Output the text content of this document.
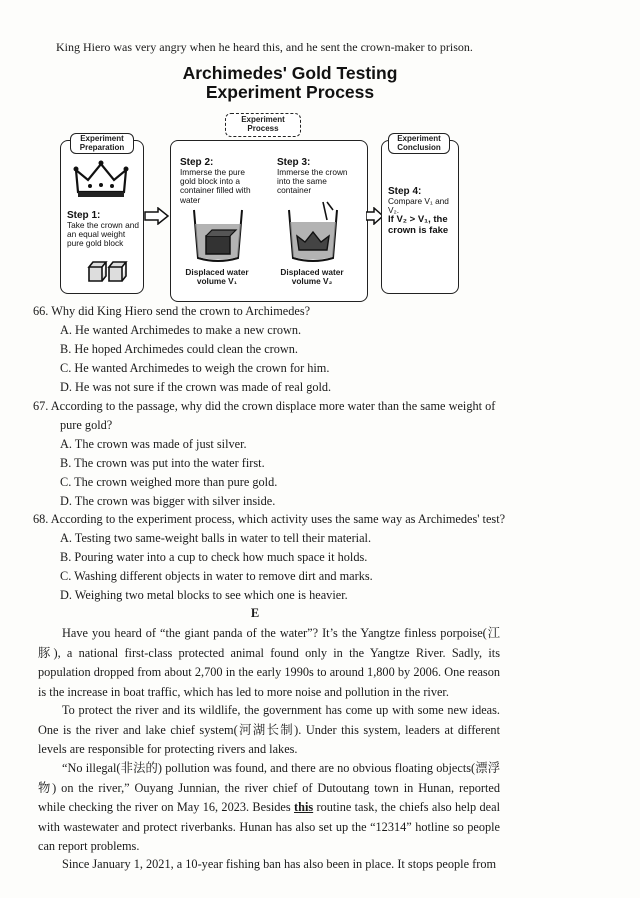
King Hiero was very angry when he heard this, and he sent the crown-maker to prison.
Archimedes' Gold Testing
Experiment Process
Experiment Preparation
Step 1:
Take the crown and an equal weight pure gold block
Experiment Process
Step 2:
Immerse the pure gold block into a container filled with water
Step 3:
Immerse the crown into the same container
Displaced water volume V₁
Displaced water volume V₂
Experiment Conclusion
Step 4:
Compare V₁ and V₂.
If V₂ > V₁, the crown is fake
66. Why did King Hiero send the crown to Archimedes?
A. He wanted Archimedes to make a new crown.
B. He hoped Archimedes could clean the crown.
C. He wanted Archimedes to weigh the crown for him.
D. He was not sure if the crown was made of real gold.
67. According to the passage, why did the crown displace more water than the same weight of
pure gold?
A. The crown was made of just silver.
B. The crown was put into the water first.
C. The crown weighed more than pure gold.
D. The crown was bigger with silver inside.
68. According to the experiment process, which activity uses the same way as Archimedes' test?
A. Testing two same-weight balls in water to tell their material.
B. Pouring water into a cup to check how much space it holds.
C. Washing different objects in water to remove dirt and marks.
D. Weighing two metal blocks to see which one is heavier.
E
Have you heard of “the giant panda of the water”? It’s the Yangtze finless porpoise(江豚), a national first-class protected animal found only in the Yangtze River. Sadly, its population dropped from about 2,700 in the early 1990s to around 1,800 by 2006. One reason is the increase in boat traffic, which has led to more noise and pollution in the river.
To protect the river and its wildlife, the government has come up with some new ideas. One is the river and lake chief system(河湖长制). Under this system, leaders at different levels are responsible for protecting rivers and lakes.
“No illegal(非法的) pollution was found, and there are no obvious floating objects(漂浮物) on the river,” Ouyang Junnian, the river chief of Dutoutang town in Hunan, reported while checking the river on May 16, 2023. Besides this routine task, the chiefs also help deal with wastewater and protect riverbanks. Hunan has also set up the “12314” hotline so people can report problems.
Since January 1, 2021, a 10-year fishing ban has also been in place. It stops people from
